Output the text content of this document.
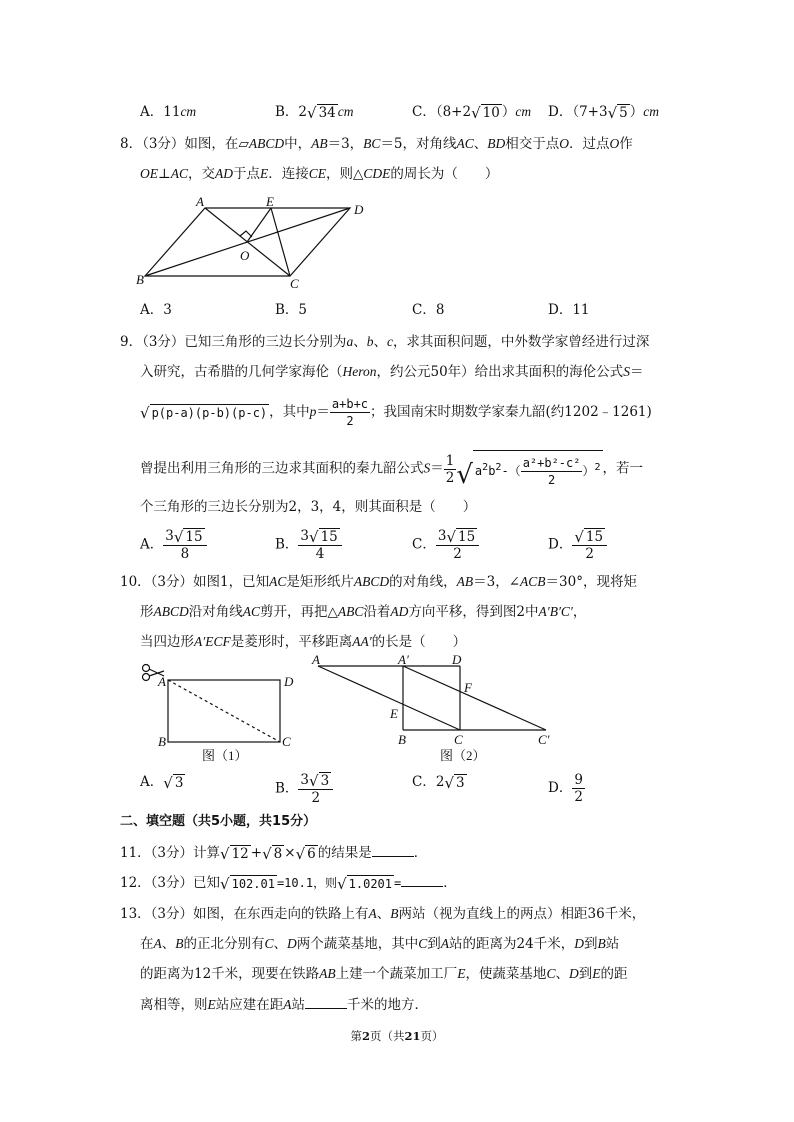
A．11cm	B．2 √ 34 cm	C．（8+2 √ 10 ）cm D．（7+3 √ 5 ）cm
8．（3分）如图，在▱ABCD中，AB＝3，BC＝5，对角线AC、BD相交于点O．过点O作
OE⊥AC，交AD于点E．连接CE，则△CDE的周长为（　　）
A	E
D
O
B	C
A．3	B．5	C．8	D．11
9．（3分）已知三角形的三边长分别为a、b、c，求其面积问题，中外数学家曾经进行过深
入研究，古希腊的几何学家海伦（Heron，约公元50年）给出求其面积的海伦公式S＝
√ p(p-a)(p-b)(p-c) ，其中$p= \frac{a+b+c}{2}$ ；我国南宋时期数学家秦九韶(约1202﹣1261)
曾提出利用三角形的三边求其面积的秦九韶公式$S= \frac{1}{2}$ √ $a^2b^2-( \frac{\text{a²+b²-c²}}{2} )^2$ ，若一
个三角形的三边长分别为2，3，4，则其面积是（　　）
A． $\frac{3 √ 15}{8}$	B． $\frac{3 √ 15}{4}$	C． $\frac{3 √ 15}{2}$	D． $\frac{√ 15}{2}$
10．（3分）如图1，已知AC是矩形纸片ABCD的对角线，AB＝3，∠ACB＝30°，现将矩
形ABCD沿对角线AC剪开，再把△ABC沿着AD方向平移，得到图2中A′B′C′，
当四边形A′ECF是菱形时，平移距离AA′的长是（　　）
A	D
B	C
图（1）
A	A′	D
F
E
B	C	C′
图（2）
A． √ 3	B． $\frac{3 √ 3}{2}$	C．2 √ 3	D． $\frac{9}{2}$
二、填空题（共5小题，共15分）
11．（3分）计算 √ 12 + √ 8 × √ 6 的结果是	．
12．（3分）已知 √ 102.01 =10.1，则 √ 1.0201 =	．
13．（3分）如图，在东西走向的铁路上有A、B两站（视为直线上的两点）相距36千米，
在A、B的正北分别有C、D两个蔬菜基地，其中C到A站的距离为24千米，D到B站
的距离为12千米，现要在铁路AB上建一个蔬菜加工厂E，使蔬菜基地C、D到E的距
离相等，则E站应建在距A站	千米的地方．
第2页（共21页）
